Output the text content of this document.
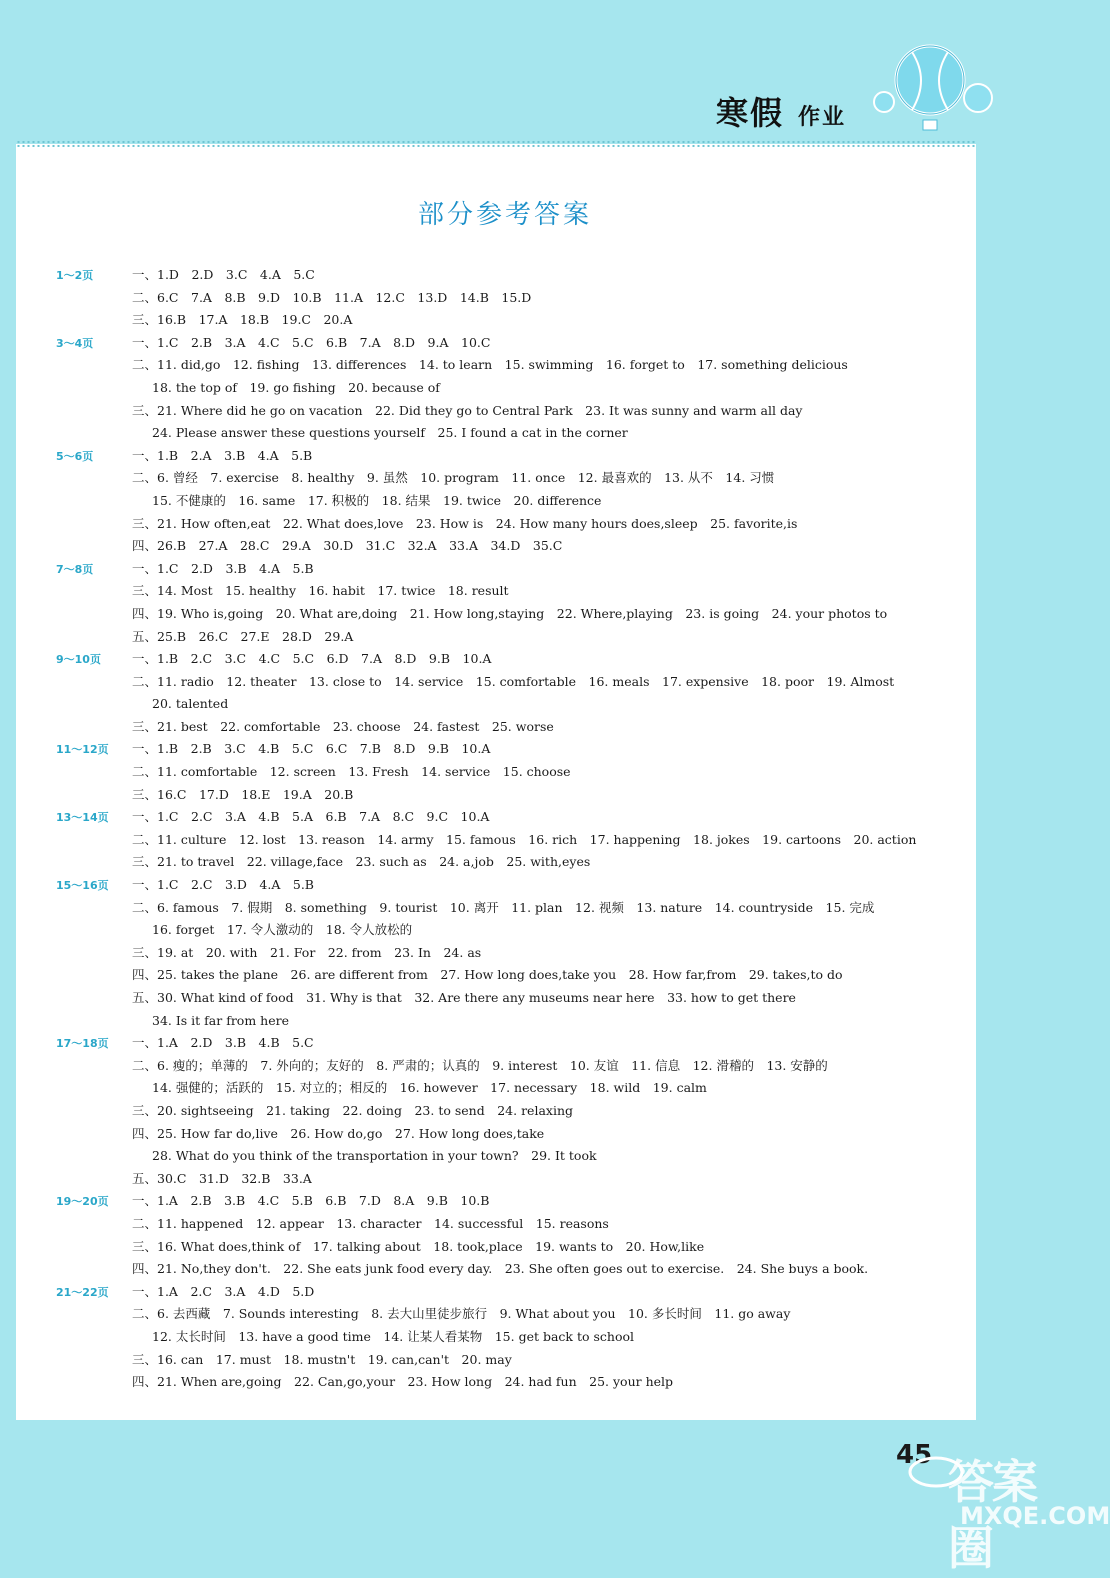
寒假 作业
部分参考答案
1～2页	一、1.D　2.D　3.C　4.A　5.C
二、6.C　7.A　8.B　9.D　10.B　11.A　12.C　13.D　14.B　15.D
三、16.B　17.A　18.B　19.C　20.A
3～4页	一、1.C　2.B　3.A　4.C　5.C　6.B　7.A　8.D　9.A　10.C
二、11. did,go　12. fishing　13. differences　14. to learn　15. swimming　16. forget to　17. something delicious
18. the top of　19. go fishing　20. because of
三、21. Where did he go on vacation　22. Did they go to Central Park　23. It was sunny and warm all day
24. Please answer these questions yourself　25. I found a cat in the corner
5～6页	一、1.B　2.A　3.B　4.A　5.B
二、6. 曾经　7. exercise　8. healthy　9. 虽然　10. program　11. once　12. 最喜欢的　13. 从不　14. 习惯
15. 不健康的　16. same　17. 积极的　18. 结果　19. twice　20. difference
三、21. How often,eat　22. What does,love　23. How is　24. How many hours does,sleep　25. favorite,is
四、26.B　27.A　28.C　29.A　30.D　31.C　32.A　33.A　34.D　35.C
7～8页	一、1.C　2.D　3.B　4.A　5.B
三、14. Most　15. healthy　16. habit　17. twice　18. result
四、19. Who is,going　20. What are,doing　21. How long,staying　22. Where,playing　23. is going　24. your photos to
五、25.B　26.C　27.E　28.D　29.A
9～10页 一、1.B　2.C　3.C　4.C　5.C　6.D　7.A　8.D　9.B　10.A
二、11. radio　12. theater　13. close to　14. service　15. comfortable　16. meals　17. expensive　18. poor　19. Almost
20. talented
三、21. best　22. comfortable　23. choose　24. fastest　25. worse
11～12页 一、1.B　2.B　3.C　4.B　5.C　6.C　7.B　8.D　9.B　10.A
二、11. comfortable　12. screen　13. Fresh　14. service　15. choose
三、16.C　17.D　18.E　19.A　20.B
13～14页 一、1.C　2.C　3.A　4.B　5.A　6.B　7.A　8.C　9.C　10.A
二、11. culture　12. lost　13. reason　14. army　15. famous　16. rich　17. happening　18. jokes　19. cartoons　20. action
三、21. to travel　22. village,face　23. such as　24. a,job　25. with,eyes
15～16页 一、1.C　2.C　3.D　4.A　5.B
二、6. famous　7. 假期　8. something　9. tourist　10. 离开　11. plan　12. 视频　13. nature　14. countryside　15. 完成
16. forget　17. 令人激动的　18. 令人放松的
三、19. at　20. with　21. For　22. from　23. In　24. as
四、25. takes the plane　26. are different from　27. How long does,take you　28. How far,from　29. takes,to do
五、30. What kind of food　31. Why is that　32. Are there any museums near here　33. how to get there
34. Is it far from here
17～18页 一、1.A　2.D　3.B　4.B　5.C
二、6. 瘦的；单薄的　7. 外向的；友好的　8. 严肃的；认真的　9. interest　10. 友谊　11. 信息　12. 滑稽的　13. 安静的
14. 强健的；活跃的　15. 对立的；相反的　16. however　17. necessary　18. wild　19. calm
三、20. sightseeing　21. taking　22. doing　23. to send　24. relaxing
四、25. How far do,live　26. How do,go　27. How long does,take
28. What do you think of the transportation in your town?　29. It took
五、30.C　31.D　32.B　33.A
19～20页 一、1.A　2.B　3.B　4.C　5.B　6.B　7.D　8.A　9.B　10.B
二、11. happened　12. appear　13. character　14. successful　15. reasons
三、16. What does,think of　17. talking about　18. took,place　19. wants to　20. How,like
四、21. No,they don't.　22. She eats junk food every day.　23. She often goes out to exercise.　24. She buys a book.
21～22页 一、1.A　2.C　3.A　4.D　5.D
二、6. 去西藏　7. Sounds interesting　8. 去大山里徒步旅行　9. What about you　10. 多长时间　11. go away
12. 太长时间　13. have a good time　14. 让某人看某物　15. get back to school
三、16. can　17. must　18. mustn't　19. can,can't　20. may
四、21. When are,going　22. Can,go,your　23. How long　24. had fun　25. your help
45 答案圈
MXQE.COM
